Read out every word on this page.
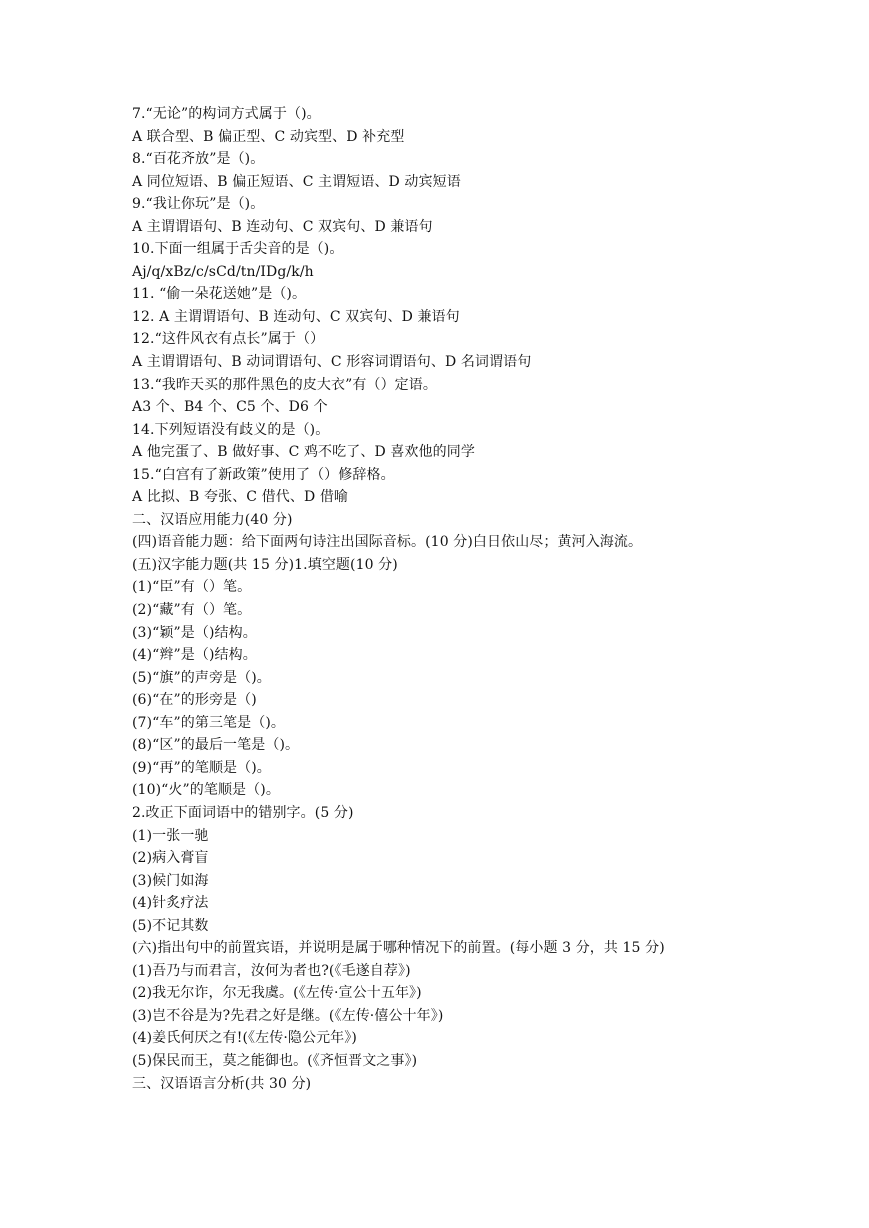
7.“无论”的构词方式属于（)。
A 联合型、B 偏正型、C 动宾型、D 补充型
8.“百花齐放”是（)。
A 同位短语、B 偏正短语、C 主谓短语、D 动宾短语
9.“我让你玩”是（)。
A 主谓谓语句、B 连动句、C 双宾句、D 兼语句
10.下面一组属于舌尖音的是（)。
Aj/q/xBz/c/sCd/tn/IDg/k/h
11. “偷一朵花送她”是（)。
12. A 主谓谓语句、B 连动句、C 双宾句、D 兼语句
12.“这件风衣有点长”属于（）
A 主谓谓语句、B 动词谓语句、C 形容词谓语句、D 名词谓语句
13.“我昨天买的那件黑色的皮大衣”有（）定语。
A3 个、B4 个、C5 个、D6 个
14.下列短语没有歧义的是（)。
A 他完蛋了、B 做好事、C 鸡不吃了、D 喜欢他的同学
15.“白宫有了新政策”使用了（）修辞格。
A 比拟、B 夸张、C 借代、D 借喻
二、汉语应用能力(40 分)
(四)语音能力题：给下面两句诗注出国际音标。(10 分)白日依山尽；黄河入海流。
(五)汉字能力题(共 15 分)1.填空题(10 分)
(1)“臣”有（）笔。
(2)“藏”有（）笔。
(3)“颖”是（)结构。
(4)“辫”是（)结构。
(5)“旗”的声旁是（)。
(6)“在”的形旁是（)
(7)“车”的第三笔是（)。
(8)“区”的最后一笔是（)。
(9)“再”的笔顺是（)。
(10)“火”的笔顺是（)。
2.改正下面词语中的错别字。(5 分)
(1)一张一驰
(2)病入膏盲
(3)候门如海
(4)针炙疗法
(5)不记其数
(六)指出句中的前置宾语，并说明是属于哪种情况下的前置。(每小题 3 分，共 15 分)
(1)吾乃与而君言，汝何为者也?(《毛遂自荐》)
(2)我无尔诈，尔无我虞。(《左传·宣公十五年》)
(3)岂不谷是为?先君之好是继。(《左传·僖公十年》)
(4)姜氏何厌之有!(《左传·隐公元年》)
(5)保民而王，莫之能御也。(《齐恒晋文之事》)
三、汉语语言分析(共 30 分)
